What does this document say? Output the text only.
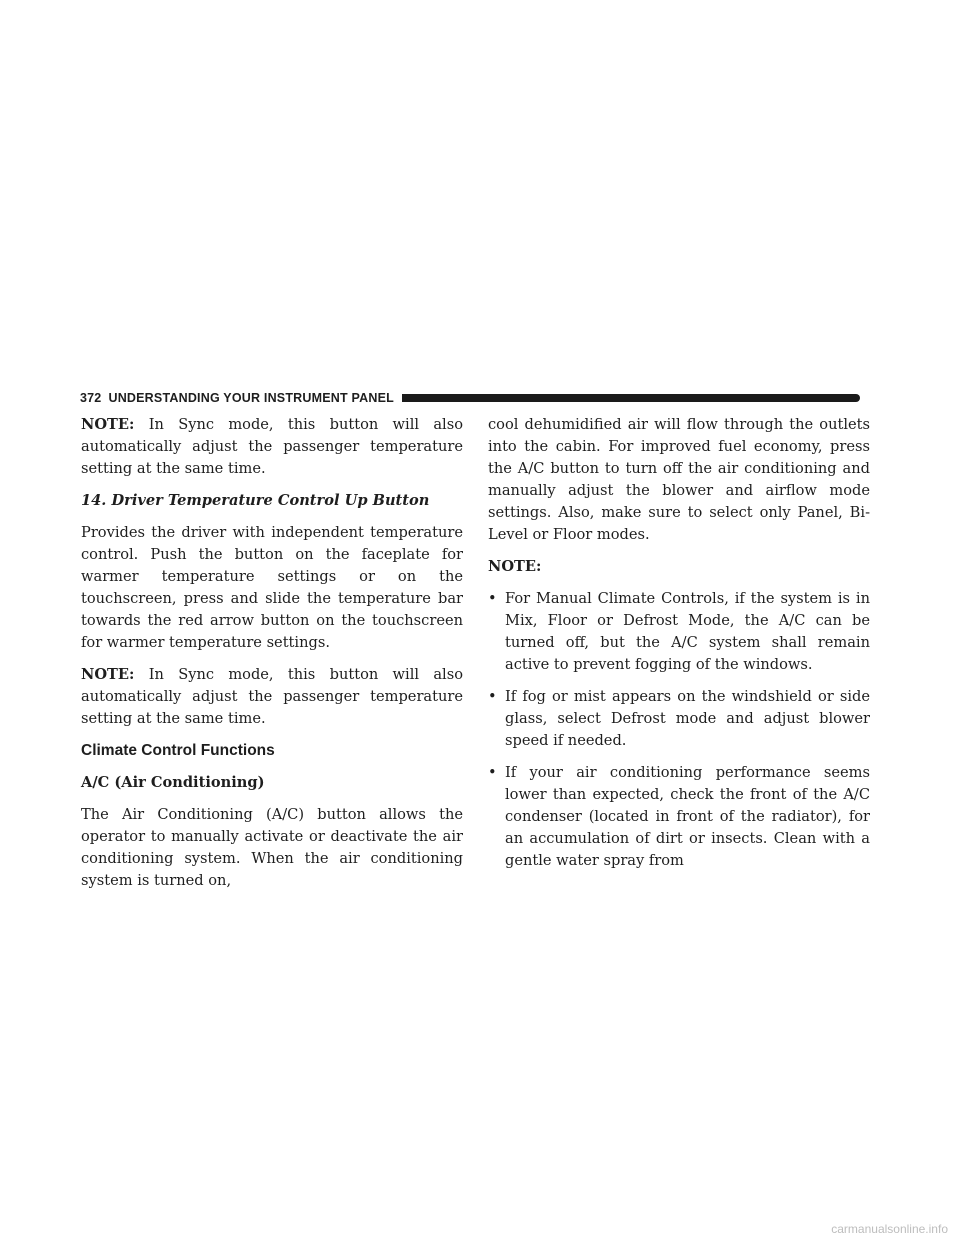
372 UNDERSTANDING YOUR INSTRUMENT PANEL

NOTE: In Sync mode, this button will also automatically adjust the passenger temperature setting at the same time.

14. Driver Temperature Control Up Button

Provides the driver with independent temperature control. Push the button on the faceplate for warmer temperature settings or on the touchscreen, press and slide the temperature bar towards the red arrow button on the touchscreen for warmer temperature settings.

NOTE: In Sync mode, this button will also automatically adjust the passenger temperature setting at the same time.

Climate Control Functions

A/C (Air Conditioning)

The Air Conditioning (A/C) button allows the operator to manually activate or deactivate the air conditioning system. When the air conditioning system is turned on,

cool dehumidified air will flow through the outlets into the cabin. For improved fuel economy, press the A/C button to turn off the air conditioning and manually adjust the blower and airflow mode settings. Also, make sure to select only Panel, Bi-Level or Floor modes.

NOTE:

• For Manual Climate Controls, if the system is in Mix, Floor or Defrost Mode, the A/C can be turned off, but the A/C system shall remain active to prevent fogging of the windows.
• If fog or mist appears on the windshield or side glass, select Defrost mode and adjust blower speed if needed.
• If your air conditioning performance seems lower than expected, check the front of the A/C condenser (located in front of the radiator), for an accumulation of dirt or insects. Clean with a gentle water spray from
carmanualsonline.info
